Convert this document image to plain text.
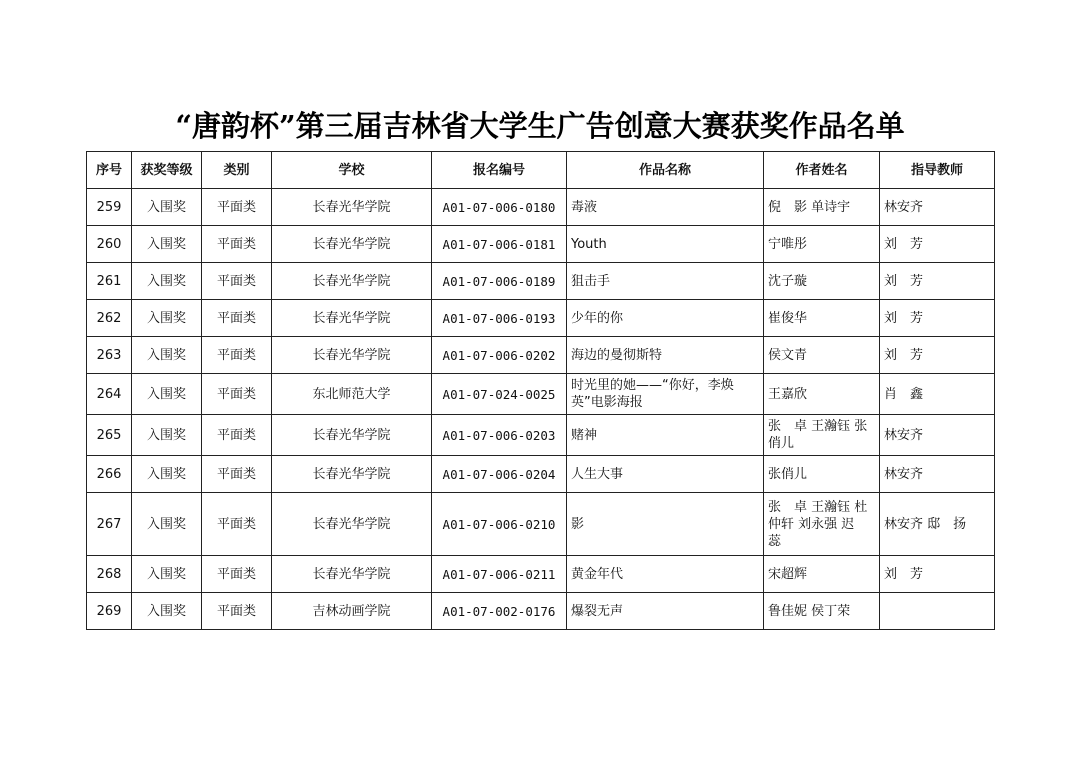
“唐韵杯”第三届吉林省大学生广告创意大赛获奖作品名单
序号	获奖等级	类别	学校	报名编号	作品名称	作者姓名	指导教师
259	入围奖	平面类	长春光华学院	A01-07-006-0180	毒液	倪　影 单诗宇	林安齐
260	入围奖	平面类	长春光华学院	A01-07-006-0181	Youth	宁唯彤	刘　芳
261	入围奖	平面类	长春光华学院	A01-07-006-0189	狙击手	沈子璇	刘　芳
262	入围奖	平面类	长春光华学院	A01-07-006-0193	少年的你	崔俊华	刘　芳
263	入围奖	平面类	长春光华学院	A01-07-006-0202	海边的曼彻斯特	侯文青	刘　芳
264	入围奖	平面类	东北师范大学	A01-07-024-0025	时光里的她——“你好，李焕英”电影海报	王嘉欣	肖　鑫
265	入围奖	平面类	长春光华学院	A01-07-006-0203	赌神	张　卓 王瀚钰 张俏儿	林安齐
266	入围奖	平面类	长春光华学院	A01-07-006-0204	人生大事	张俏儿	林安齐
267	入围奖	平面类	长春光华学院	A01-07-006-0210	影	张　卓 王瀚钰 杜仲轩 刘永强 迟　蕊	林安齐 邸　扬
268	入围奖	平面类	长春光华学院	A01-07-006-0211	黄金年代	宋超辉	刘　芳
269	入围奖	平面类	吉林动画学院	A01-07-002-0176	爆裂无声	鲁佳妮 侯丁荣	
